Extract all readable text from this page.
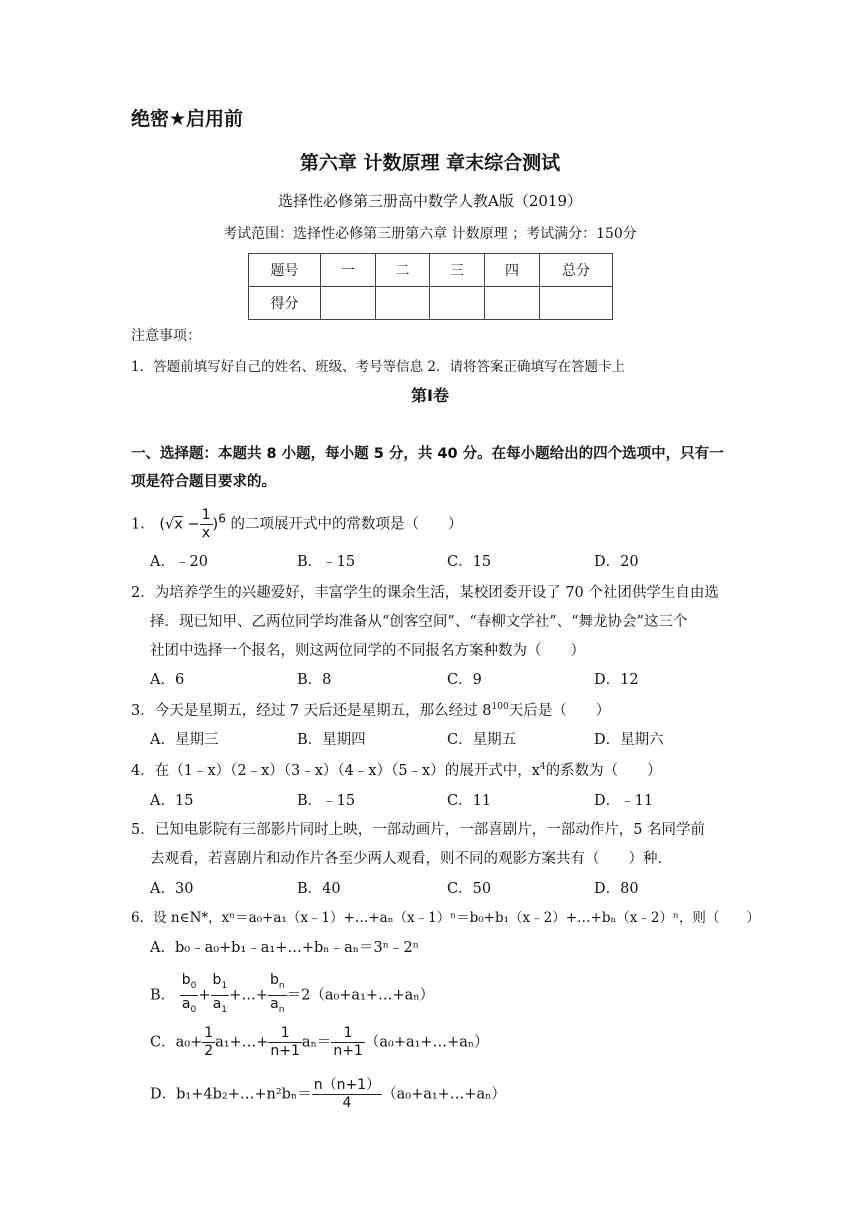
绝密★启用前
第六章 计数原理 章末综合测试
选择性必修第三册高中数学人教A版（2019）
考试范围：选择性必修第三册第六章 计数原理 ；考试满分：150分
题号	一	二	三	四	总分
得分					
注意事项：
1．答题前填写好自己的姓名、班级、考号等信息 2．请将答案正确填写在答题卡上
第Ⅰ卷
一、选择题：本题共 8 小题，每小题 5 分，共 40 分。在每小题给出的四个选项中，只有一
项是符合题目要求的。
1． $(√x - \frac{1}{x} )^6$ 的二项展开式中的常数项是（　　）
A．﹣20	B．﹣15	C．15	D．20
2．为培养学生的兴趣爱好，丰富学生的课余生活，某校团委开设了 70 个社团供学生自由选
择．现已知甲、乙两位同学均准备从“创客空间”、“春柳文学社”、“舞龙协会”这三个
社团中选择一个报名，则这两位同学的不同报名方案种数为（　　）
A．6	B．8	C．9	D．12
3．今天是星期五，经过 7 天后还是星期五，那么经过 $8^{100}$天后是（　　）
A．星期三	B．星期四	C．星期五	D．星期六
4．在（1﹣x）（2﹣x）（3﹣x）（4﹣x）（5﹣x）的展开式中，$x^4$的系数为（　　）
A．15	B．﹣15	C．11	D．﹣11
5．已知电影院有三部影片同时上映，一部动画片，一部喜剧片，一部动作片，5 名同学前
去观看，若喜剧片和动作片各至少两人观看，则不同的观影方案共有（　　）种．
A．30	B．40	C．50	D．80
6．设 n∈N*，xⁿ＝a₀+a₁（x﹣1）+…+aₙ（x﹣1）ⁿ＝b₀+b₁（x﹣2）+…+bₙ（x﹣2）ⁿ，则（　　）
A．b₀﹣a₀+b₁﹣a₁+…+bₙ﹣aₙ＝3ⁿ﹣2ⁿ
B． $\frac{b_0}{a_0} + \frac{b_1}{a_1}$ +…+ $\frac{b_n}{a_n}$ ＝2（a₀+a₁+…+aₙ）
C．$a_0+ \frac{1}{2}$ a₁+…+ $\frac{1}{n+1} a_n= \frac{1}{n+1}$ （a₀+a₁+…+aₙ）
D．b₁+4b₂+…+n²bₙ＝ $\frac{n(n+1)}{4}$ （a₀+a₁+…+aₙ）
